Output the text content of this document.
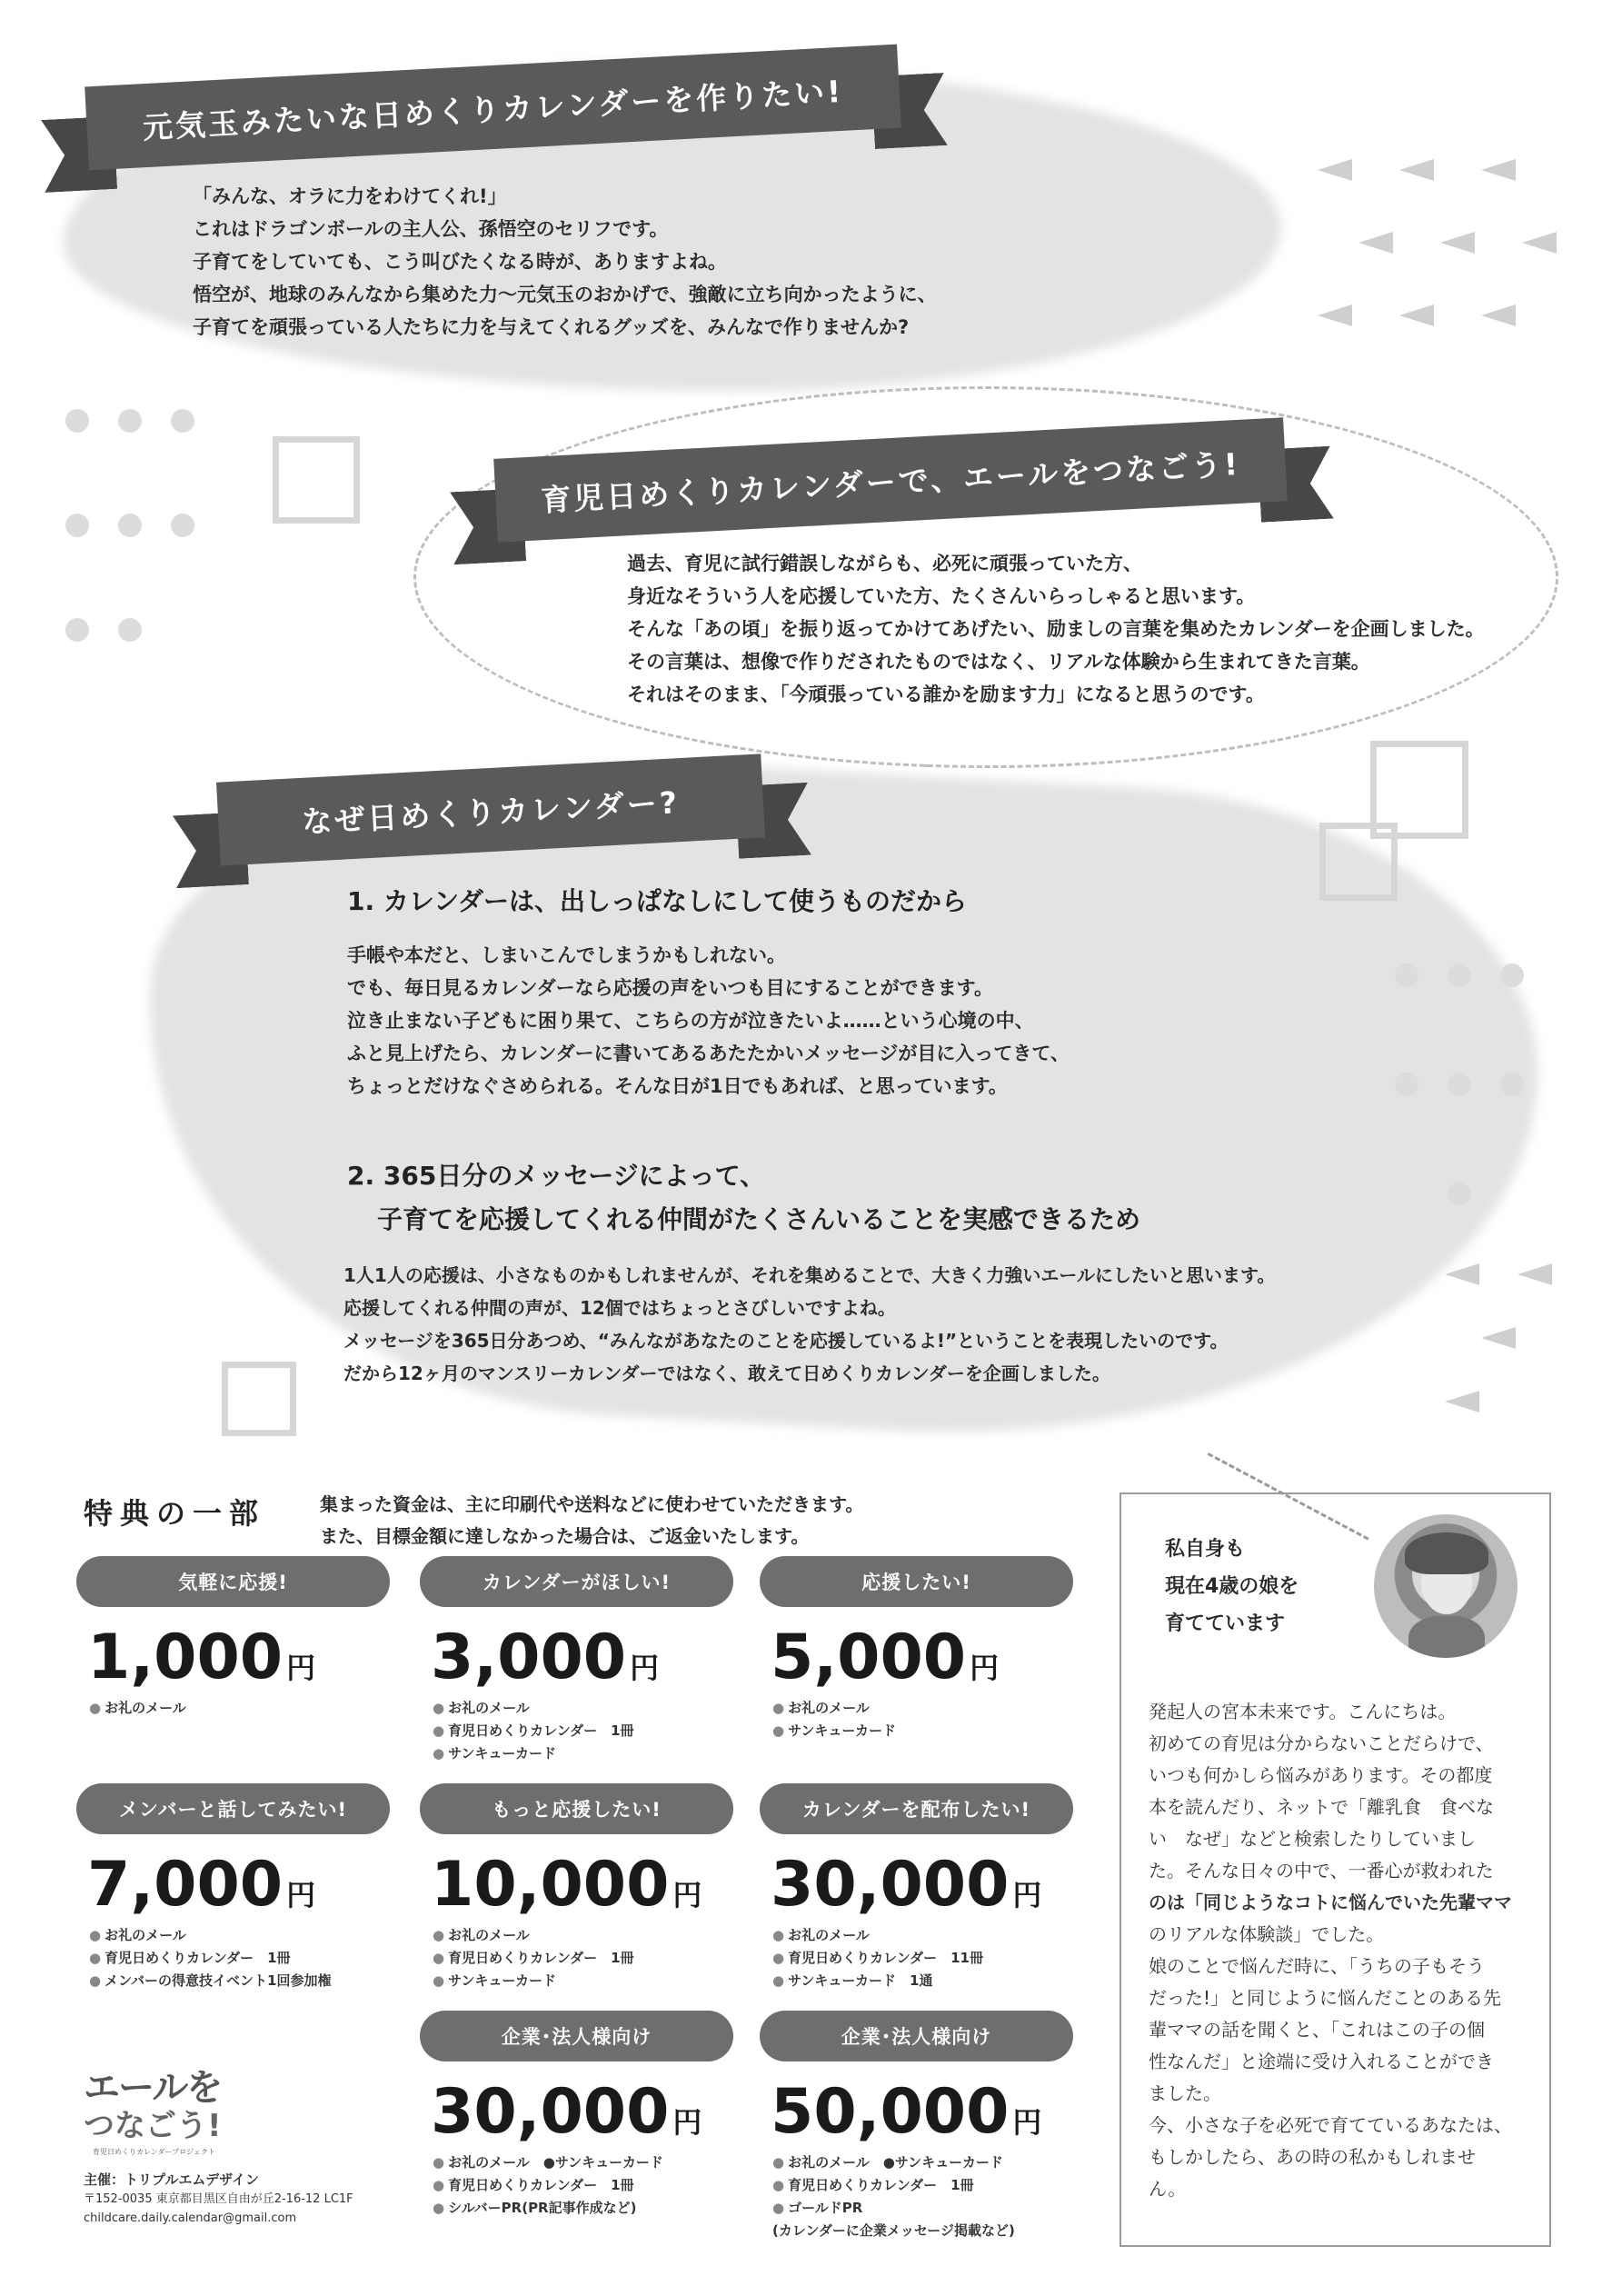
元気玉みたいな日めくりカレンダーを作りたい!
「みんな、オラに力をわけてくれ!」
これはドラゴンボールの主人公、孫悟空のセリフです。
子育てをしていても、こう叫びたくなる時が、ありますよね。
悟空が、地球のみんなから集めた力〜元気玉のおかげで、強敵に立ち向かったように、
子育てを頑張っている人たちに力を与えてくれるグッズを、みんなで作りませんか?
育児日めくりカレンダーで、エールをつなごう!
過去、育児に試行錯誤しながらも、必死に頑張っていた方、
身近なそういう人を応援していた方、たくさんいらっしゃると思います。
そんな「あの頃」を振り返ってかけてあげたい、励ましの言葉を集めたカレンダーを企画しました。
その言葉は、想像で作りだされたものではなく、リアルな体験から生まれてきた言葉。
それはそのまま、「今頑張っている誰かを励ます力」になると思うのです。
なぜ日めくりカレンダー?
1. カレンダーは、出しっぱなしにして使うものだから
手帳や本だと、しまいこんでしまうかもしれない。
でも、毎日見るカレンダーなら応援の声をいつも目にすることができます。
泣き止まない子どもに困り果て、こちらの方が泣きたいよ……という心境の中、
ふと見上げたら、カレンダーに書いてあるあたたかいメッセージが目に入ってきて、
ちょっとだけなぐさめられる。そんな日が1日でもあれば、と思っています。
2. 365日分のメッセージによって、
子育てを応援してくれる仲間がたくさんいることを実感できるため
1人1人の応援は、小さなものかもしれませんが、それを集めることで、大きく力強いエールにしたいと思います。
応援してくれる仲間の声が、12個ではちょっとさびしいですよね。
メッセージを365日分あつめ、“みんながあなたのことを応援しているよ!”ということを表現したいのです。
だから12ヶ月のマンスリーカレンダーではなく、敢えて日めくりカレンダーを企画しました。
特典の一部	集まった資金は、主に印刷代や送料などに使わせていただきます。
また、目標金額に達しなかった場合は、ご返金いたします。
気軽に応援!
1,000 円
● お礼のメール
カレンダーがほしい!
3,000 円
● お礼のメール
● 育児日めくりカレンダー　1冊
● サンキューカード
応援したい!
5,000 円
● お礼のメール
● サンキューカード
メンバーと話してみたい!
7,000 円
● お礼のメール
● 育児日めくりカレンダー　1冊
● メンバーの得意技イベント1回参加権
もっと応援したい!
10,000 円
● お礼のメール
● 育児日めくりカレンダー　1冊
● サンキューカード
カレンダーを配布したい!
30,000 円
● お礼のメール
● 育児日めくりカレンダー　11冊
● サンキューカード　1通
企業･法人様向け
30,000 円
● お礼のメール　●サンキューカード
● 育児日めくりカレンダー　1冊
● シルバーPR(PR記事作成など)
企業･法人様向け
50,000 円
● お礼のメール　●サンキューカード
● 育児日めくりカレンダー　1冊
● ゴールドPR
(カレンダーに企業メッセージ掲載など)
エールを
つなごう!
育児日めくりカレンダープロジェクト
主催：トリプルエムデザイン
〒152-0035 東京都目黒区自由が丘2-16-12 LC1F
childcare.daily.calendar@gmail.com
私自身も
現在4歳の娘を
育てています
発起人の宮本未来です。こんにちは。
初めての育児は分からないことだらけで、
いつも何かしら悩みがあります。その都度
本を読んだり、ネットで「離乳食　食べな
い　なぜ」などと検索したりしていまし
た。そんな日々の中で、一番心が救われた
のは「同じようなコトに悩んでいた先輩ママ
のリアルな体験談」でした。
娘のことで悩んだ時に、「うちの子もそう
だった!」と同じように悩んだことのある先
輩ママの話を聞くと、「これはこの子の個
性なんだ」と途端に受け入れることができ
ました。
今、小さな子を必死で育てているあなたは、
もしかしたら、あの時の私かもしれませ
ん。
